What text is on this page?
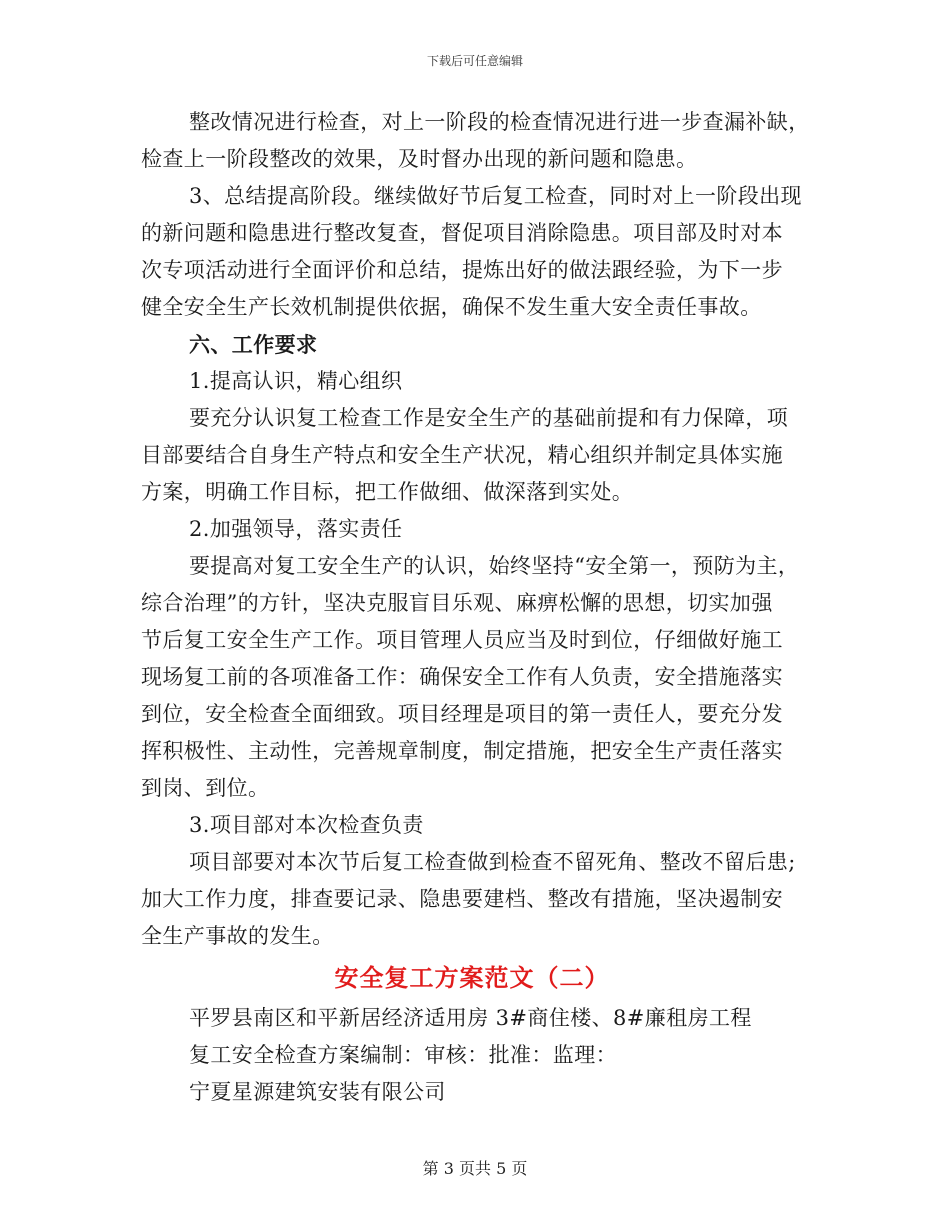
下载后可任意编辑
整改情况进行检查，对上一阶段的检查情况进行进一步查漏补缺，
检查上一阶段整改的效果，及时督办出现的新问题和隐患。
3、总结提高阶段。继续做好节后复工检查，同时对上一阶段出现
的新问题和隐患进行整改复查，督促项目消除隐患。项目部及时对本
次专项活动进行全面评价和总结，提炼出好的做法跟经验，为下一步
健全安全生产长效机制提供依据，确保不发生重大安全责任事故。
六、工作要求
1.提高认识，精心组织
要充分认识复工检查工作是安全生产的基础前提和有力保障，项
目部要结合自身生产特点和安全生产状况，精心组织并制定具体实施
方案，明确工作目标，把工作做细、做深落到实处。
2.加强领导，落实责任
要提高对复工安全生产的认识，始终坚持“安全第一，预防为主，
综合治理”的方针，坚决克服盲目乐观、麻痹松懈的思想，切实加强
节后复工安全生产工作。项目管理人员应当及时到位，仔细做好施工
现场复工前的各项准备工作：确保安全工作有人负责，安全措施落实
到位，安全检查全面细致。项目经理是项目的第一责任人，要充分发
挥积极性、主动性，完善规章制度，制定措施，把安全生产责任落实
到岗、到位。
3.项目部对本次检查负责
项目部要对本次节后复工检查做到检查不留死角、整改不留后患;
加大工作力度，排查要记录、隐患要建档、整改有措施，坚决遏制安
全生产事故的发生。
安全复工方案范文（二）
平罗县南区和平新居经济适用房 3#商住楼、8#廉租房工程
复工安全检查方案编制：审核：批准：监理：
宁夏星源建筑安装有限公司
第 3 页共 5 页
